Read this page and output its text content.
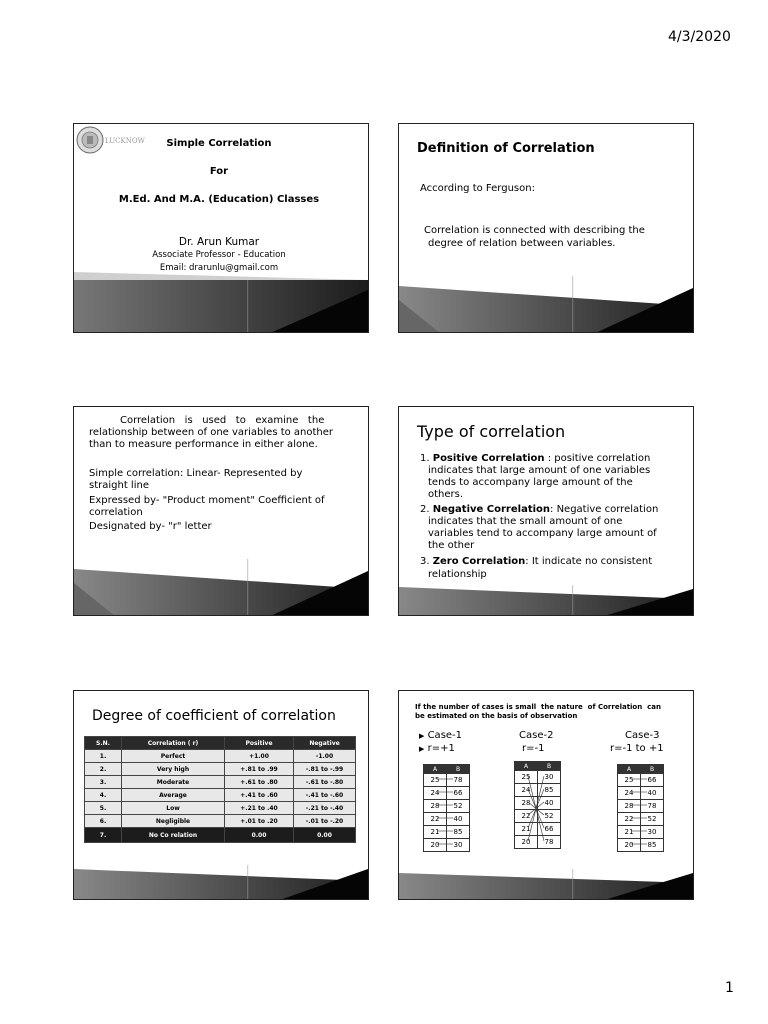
4/3/2020
1
LUCKNOW	Simple Correlation
For
M.Ed. And M.A. (Education) Classes
Dr. Arun Kumar
Associate Professor - Education
Email: drarunlu@gmail.com
Definition of Correlation
According to Ferguson:
Correlation is connected with describing the
degree of relation between variables.
Correlation   is   used   to   examine   the
relationship between of one variables to another
than to measure performance in either alone.
Simple correlation: Linear- Represented by
straight line
Expressed by- "Product moment" Coefficient of
correlation
Designated by- "r" letter
Type of correlation
1. Positive Correlation : positive correlation
indicates that large amount of one variables
tends to accompany large amount of the
others.
2. Negative Correlation: Negative correlation
indicates that the small amount of one
variables tend to accompany large amount of
the other
3. Zero Correlation: It indicate no consistent
relationship
Degree of coefficient of correlation
S.N.	Correlation ( r)	Positive	Negative
1.	Perfect	+1.00	-1.00
2.	Very high	+.81 to .99	-.81 to -.99
3.	Moderate	+.61 to .80	-.61 to -.80
4.	Average	+.41 to .60	-.41 to -.60
5.	Low	+.21 to .40	-.21 to -.40
6.	Negligible	+.01 to .20	-.01 to -.20
7.	No Co relation	0.00	0.00
If the number of cases is small  the nature  of Correlation  can
be estimated on the basis of observation
▶ Case-1
▶ r=+1
Case-2
r=-1
Case-3
r=-1 to +1
A	B
25	78
24	66
28	52
22	40
21	85
20	30
A	B
25	30
24	85
28	40
22	52
21	66
20	78
A	B
25	66
24	40
28	78
22	52
21	30
20	85
